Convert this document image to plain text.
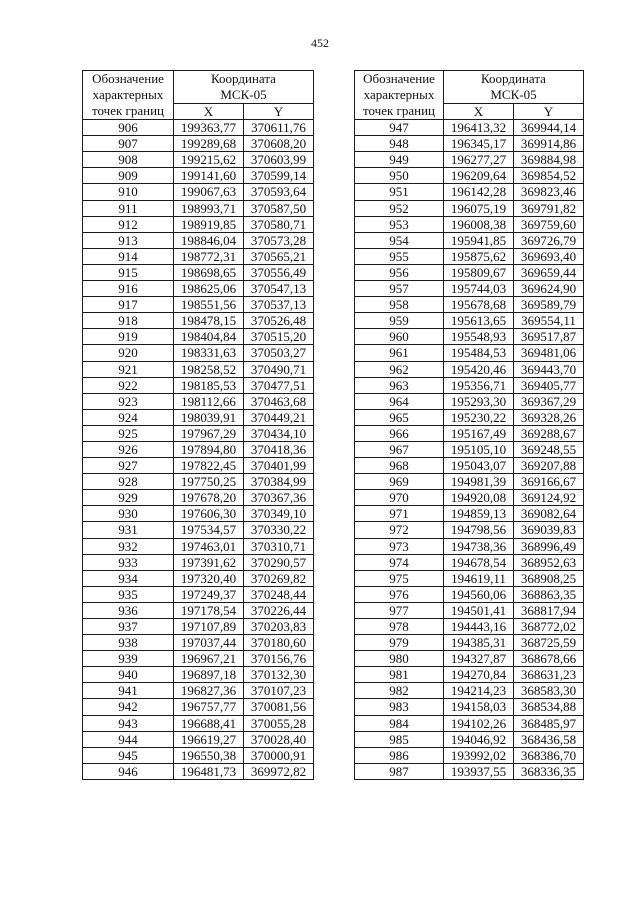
452
Обозначение
характерных
точек границ	Координата
МСК-05	
	X	Y
906	199363,77	370611,76
907	199289,68	370608,20
908	199215,62	370603,99
909	199141,60	370599,14
910	199067,63	370593,64
911	198993,71	370587,50
912	198919,85	370580,71
913	198846,04	370573,28
914	198772,31	370565,21
915	198698,65	370556,49
916	198625,06	370547,13
917	198551,56	370537,13
918	198478,15	370526,48
919	198404,84	370515,20
920	198331,63	370503,27
921	198258,52	370490,71
922	198185,53	370477,51
923	198112,66	370463,68
924	198039,91	370449,21
925	197967,29	370434,10
926	197894,80	370418,36
927	197822,45	370401,99
928	197750,25	370384,99
929	197678,20	370367,36
930	197606,30	370349,10
931	197534,57	370330,22
932	197463,01	370310,71
933	197391,62	370290,57
934	197320,40	370269,82
935	197249,37	370248,44
936	197178,54	370226,44
937	197107,89	370203,83
938	197037,44	370180,60
939	196967,21	370156,76
940	196897,18	370132,30
941	196827,36	370107,23
942	196757,77	370081,56
943	196688,41	370055,28
944	196619,27	370028,40
945	196550,38	370000,91
946	196481,73	369972,82
Обозначение
характерных
точек границ	Координата
МСК-05	
	X	Y
947	196413,32	369944,14
948	196345,17	369914,86
949	196277,27	369884,98
950	196209,64	369854,52
951	196142,28	369823,46
952	196075,19	369791,82
953	196008,38	369759,60
954	195941,85	369726,79
955	195875,62	369693,40
956	195809,67	369659,44
957	195744,03	369624,90
958	195678,68	369589,79
959	195613,65	369554,11
960	195548,93	369517,87
961	195484,53	369481,06
962	195420,46	369443,70
963	195356,71	369405,77
964	195293,30	369367,29
965	195230,22	369328,26
966	195167,49	369288,67
967	195105,10	369248,55
968	195043,07	369207,88
969	194981,39	369166,67
970	194920,08	369124,92
971	194859,13	369082,64
972	194798,56	369039,83
973	194738,36	368996,49
974	194678,54	368952,63
975	194619,11	368908,25
976	194560,06	368863,35
977	194501,41	368817,94
978	194443,16	368772,02
979	194385,31	368725,59
980	194327,87	368678,66
981	194270,84	368631,23
982	194214,23	368583,30
983	194158,03	368534,88
984	194102,26	368485,97
985	194046,92	368436,58
986	193992,02	368386,70
987	193937,55	368336,35
